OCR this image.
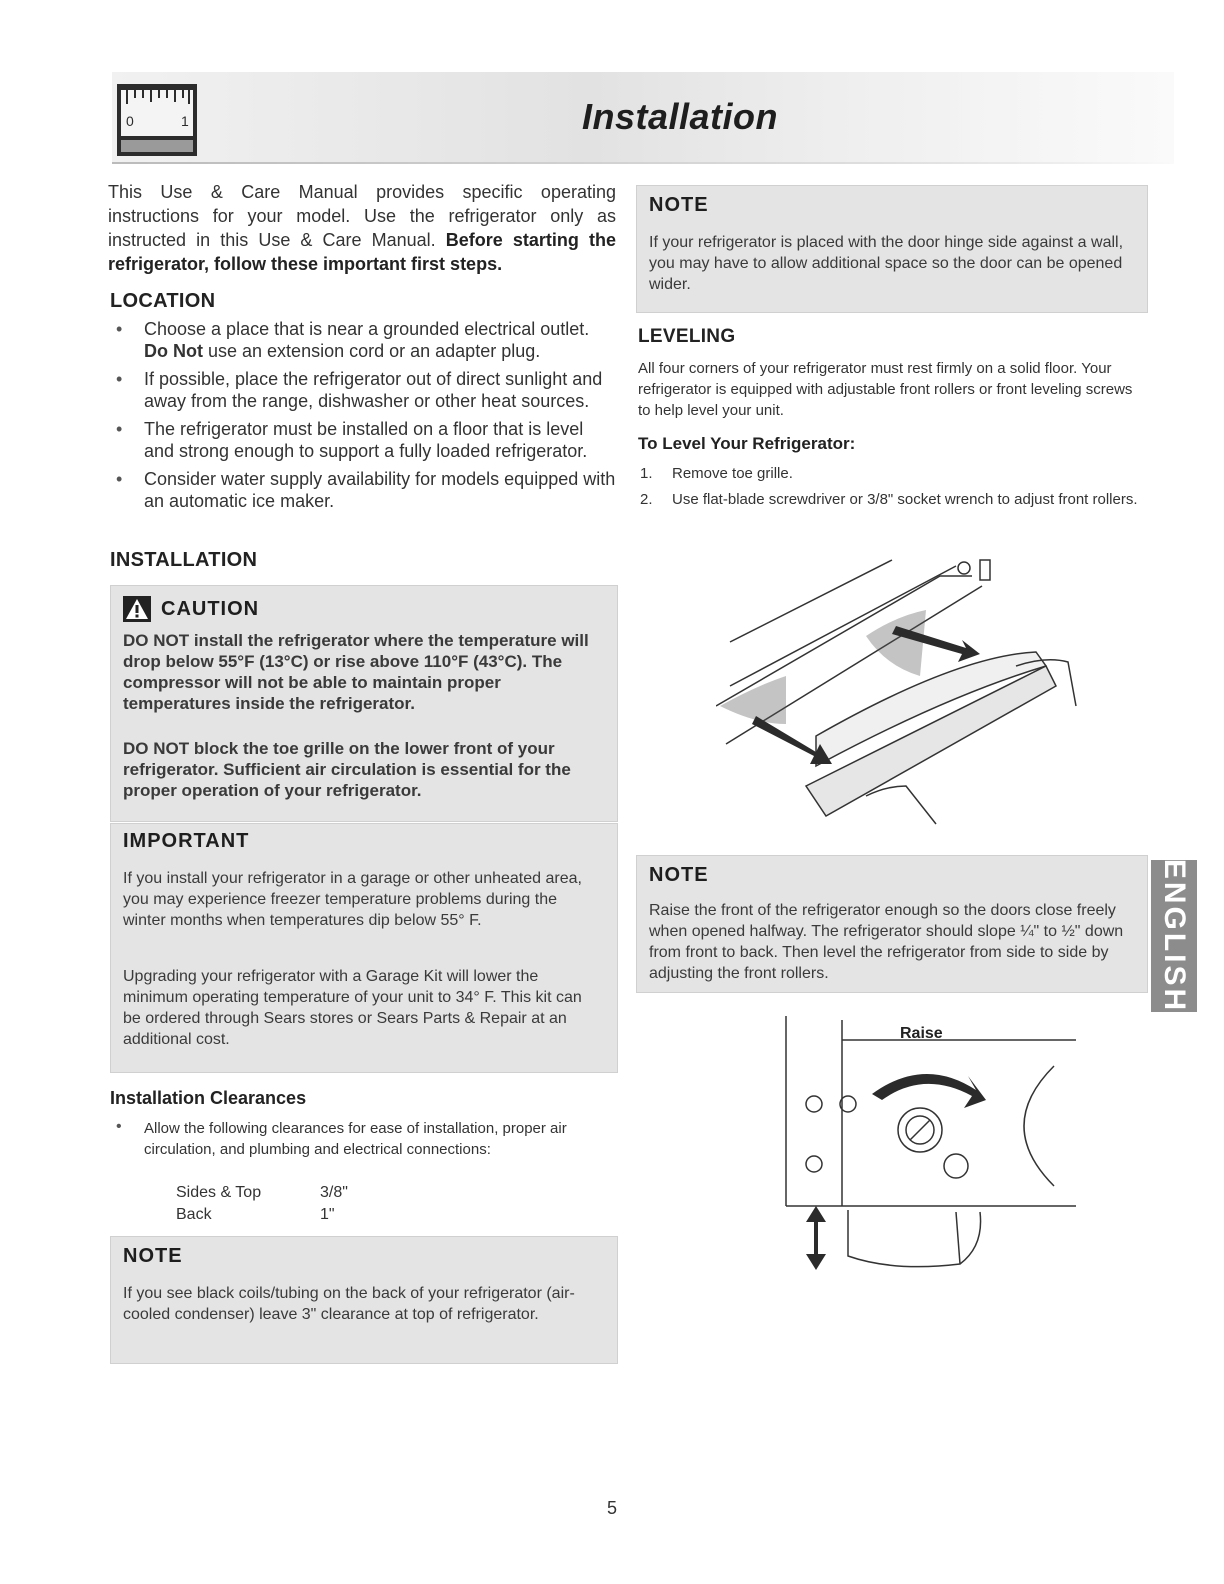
0	1	Installation
This Use & Care Manual provides specific operating instructions for your model. Use the refrigerator only as instructed in this Use & Care Manual. Before starting the refrigerator, follow these important first steps.
LOCATION
• Choose a place that is near a grounded electrical outlet. Do Not use an extension cord or an adapter plug.
• If possible, place the refrigerator out of direct sunlight and away from the range, dishwasher or other heat sources.
• The refrigerator must be installed on a floor that is level and strong enough to support a fully loaded refrigerator.
• Consider water supply availability for models equipped with an automatic ice maker.
INSTALLATION
CAUTION
DO NOT install the refrigerator where the temperature will drop below 55°F (13°C) or rise above 110°F (43°C). The compressor will not be able to maintain proper temperatures inside the refrigerator.
DO NOT block the toe grille on the lower front of your refrigerator. Sufficient air circulation is essential for the proper operation of your refrigerator.
IMPORTANT
If you install your refrigerator in a garage or other unheated area, you may experience freezer temperature problems during the winter months when temperatures dip below 55° F.
Upgrading your refrigerator with a Garage Kit will lower the minimum operating temperature of your unit to 34° F. This kit can be ordered through Sears stores or Sears Parts & Repair at an additional cost.
Installation Clearances
• Allow the following clearances for ease of installation, proper air circulation, and plumbing and electrical connections:
Sides & Top	3/8"
Back	1"
NOTE
If you see black coils/tubing on the back of your refrigerator (air-cooled condenser) leave 3" clearance at top of refrigerator.
NOTE
If your refrigerator is placed with the door hinge side against a wall, you may have to allow additional space so the door can be opened wider.
LEVELING
All four corners of your refrigerator must rest firmly on a solid floor. Your refrigerator is equipped with adjustable front rollers or front leveling screws to help level your unit.
To Level Your Refrigerator:
1. Remove toe grille.
2. Use flat-blade screwdriver or 3/8" socket wrench to adjust front rollers.
NOTE
Raise the front of the refrigerator enough so the doors close freely when opened halfway. The refrigerator should slope ¼" to ½" down from front to back. Then level the refrigerator from side to side by adjusting the front rollers.
Raise
ENGLISH
5
